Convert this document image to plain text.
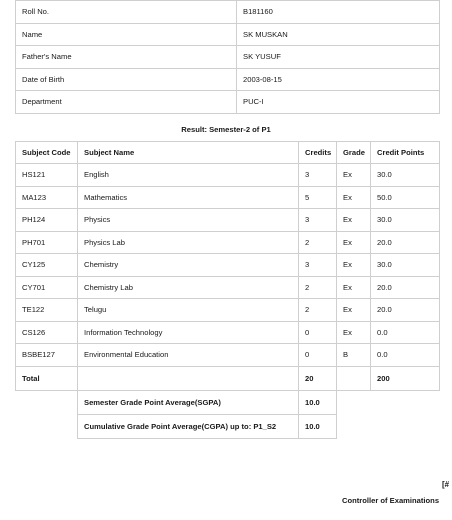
Roll No.	B181160
Name	SK MUSKAN
Father's Name	SK YUSUF
Date of Birth	2003-08-15
Department	PUC-I
Result: Semester-2 of P1
Subject Code	Subject Name	Credits	Grade	Credit Points
HS121	English	3	Ex	30.0
MA123	Mathematics	5	Ex	50.0
PH124	Physics	3	Ex	30.0
PH701	Physics Lab	2	Ex	20.0
CY125	Chemistry	3	Ex	30.0
CY701	Chemistry Lab	2	Ex	20.0
TE122	Telugu	2	Ex	20.0
CS126	Information Technology	0	Ex	0.0
BSBE127	Environmental Education	0	B	0.0
Total		20		200
	Semester Grade Point Average(SGPA)	10.0		
	Cumulative Grade Point Average(CGPA) up to: P1_S2	10.0		
[#
Controller of Examinations
